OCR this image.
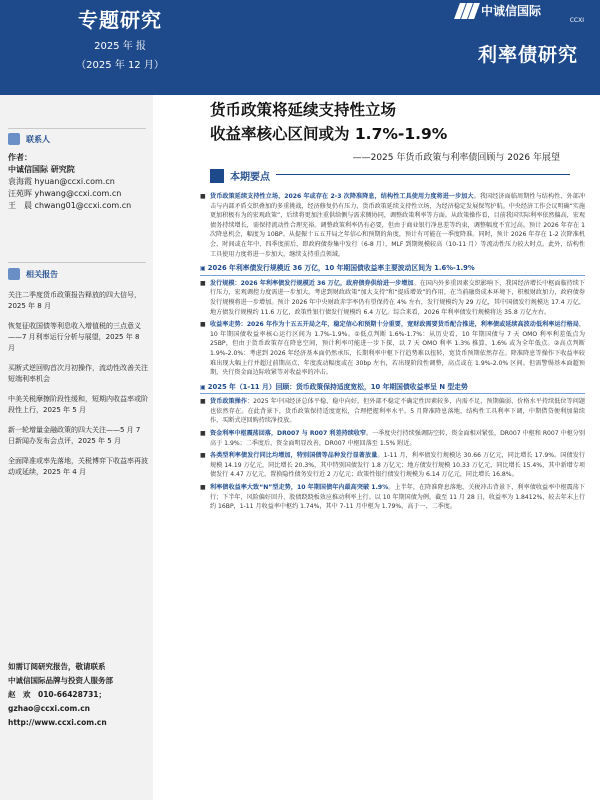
专题研究
2025 年 报
（2025 年 12 月）
中诚信国际
CCXI
利率债研究
联系人
作者：
中诚信国际 研究院
袁海霞 hyuan@ccxi.com.cn
汪苑晖 yhwang@ccxi.com.cn
王　晨 chwang01@ccxi.com.cn
相关报告

关注二季度货币政策报告释放的四大信号，2025 年 8 月

恢复征收国债等利息收入增值税的三点意义——7 月利率运行分析与展望，2025 年 8 月

买断式逆回购首次月初操作，流动性改善关注短端利率机会

中美关税摩擦阶段性缓和，短期内收益率或阶段性上行，2025 年 5 月

新一轮增量金融政策的四大关注——5 月 7 日新闻办发布会点评，2025 年 5 月

全面降准或率先落地，关税博弈下收益率再波动或延续，2025 年 4 月

如需订阅研究报告，敬请联系
中诚信国际品牌与投资人服务部
赵　欢　010-66428731；
gzhao@ccxi.com.cn
http://www.ccxi.com.cn
货币政策将延续支持性立场
收益率核心区间或为 1.7%-1.9%
——2025 年货币政策与利率债回顾与 2026 年展望
本期要点
■ 货币政策延续支持性立场，2026 年或存在 2-3 次降准降息，结构性工具使用力度将进一步加大。我国经济面临周期性与结构性、外部冲击与内部矛盾交织叠加的多重挑战，经济修复仍有压力，货币政策延续支持性立场，为经济稳定发展保驾护航。中央经济工作会议明确“实施更加积极有为的宏观政策”，后续将更加注重供给侧与需求侧协同，调整政策利率等方面。从政策操作看，目前我国实际利率依然偏高，宏观债务持续增长，需保持流动性合理充裕。调整政策利率仍有必要，但由于商业银行净息差等约束，调整幅度不宜过高。预计 2026 年存在 1 次降息机会，幅度为 10BP。从提振十五五开局之年信心和预期的角度，预计有可能在一季度降准。同时，预计 2026 年存在 1-2 次降准机会，时间或在年中、四季度前后，即政府债券集中发行（6-8 月）、MLF 到期规模较高（10-11 月）等流动性压力较大时点。此外，结构性工具使用力度将进一步加大，继续支持重点领域。
▣ 2026 年利率债发行规模近 36 万亿，10 年期国债收益率主要波动区间为 1.6%-1.9%
■ 发行规模：2026 年利率债发行规模近 36 万亿，政府债券供给进一步增加。在国内外多重因素交织影响下，我国经济增长中枢面临持续下行压力，宏观调控力度需进一步加大。考虑到财政政策“加大支持”和“提质增效”的作用，在当前融资成本环境下，积极财政加力，政府债券发行规模将进一步增加。预计 2026 年中央财政赤字率仍有望保持在 4% 左右，发行规模约为 29 万亿，其中国债发行规模达 17.4 万亿，地方债发行规模约 11.6 万亿，政策性银行债发行规模约 6.4 万亿。综合来看，2026 年利率债发行规模将达 35.8 万亿左右。
■ 收益率走势：2026 年作为十五五开局之年，稳定信心和预期十分重要，宽财政需要货币配合推进，利率债或延续高波动低利率运行格局，10 年期国债收益率核心运行区间为 1.7%-1.9%。①低点判断 1.6%-1.7%：从历史看，10 年期国债与 7 天 OMO 利率利差低点为 25BP，但由于货币政策存在降息空间，预计利率可能进一步下探，以 7 天 OMO 利率 1.3% 推算，1.6% 或为全年低点。②高点判断 1.9%-2.0%：考虑到 2026 年经济基本面仍然承压，长期利率中枢下行趋势难以扭转，宽货币预期依然存在。降准降息等操作下收益率较难出现大幅上行并超过前期高点，年度波动幅度或在 30bp 左右，若出现阶段性调整，高点或在 1.9%-2.0% 区间。但需警惕基本面超预期，央行资金面边际收紧等对收益率的冲击。
▣ 2025 年（1-11 月）回顾：货币政策保持适度宽松，10 年期国债收益率呈 N 型走势
■ 货币政策操作：2025 年中国经济总体平稳、稳中向好，但外部不稳定不确定性因素较多，内需不足、预期偏弱、价格水平持续低位等问题也依然存在。在此背景下，货币政策保持适度宽松，合理把握利率水平。5 月降准降息落地，结构性工具利率下调，中期借贷便利加量续作，买断式逆回购持续净投放。
■ 资金利率中枢震荡回落，DR007 与 R007 利差持续收窄。一季度央行持续强调防空转，资金面相对紧张，DR007 中枢和 R007 中枢分别高于 1.9%；二季度后，资金面明显改善，DR007 中枢回落至 1.5% 附近。
■ 各类型利率债发行同比均增加，特别国债等品种发行显著放量。1-11 月，利率债发行规模达 30.66 万亿元，同比增长 17.9%。国债发行规模 14.19 万亿元，同比增长 20.3%，其中特别国债发行 1.8 万亿元；地方债发行规模 10.33 万亿元，同比增长 15.4%，其中新增专项债发行 4.47 万亿元、置换隐性债务发行近 2 万亿元；政策性银行债发行规模为 6.14 万亿元，同比增长 16.8%。
■ 利率债收益率大致“N”型走势，10 年期国债年内最高突破 1.9%。上半年，在降准降息落地、关税冲击背景下，利率债收益率中枢震荡下行；下半年，风险偏好回升、股债跷跷板效应推动利率上行。以 10 年期国债为例，截至 11 月 28 日，收益率为 1.8412%，较去年末上行约 16BP，1-11 月收益率中枢约 1.74%，其中 7-11 月中枢为 1.79%，高于一、二季度。
